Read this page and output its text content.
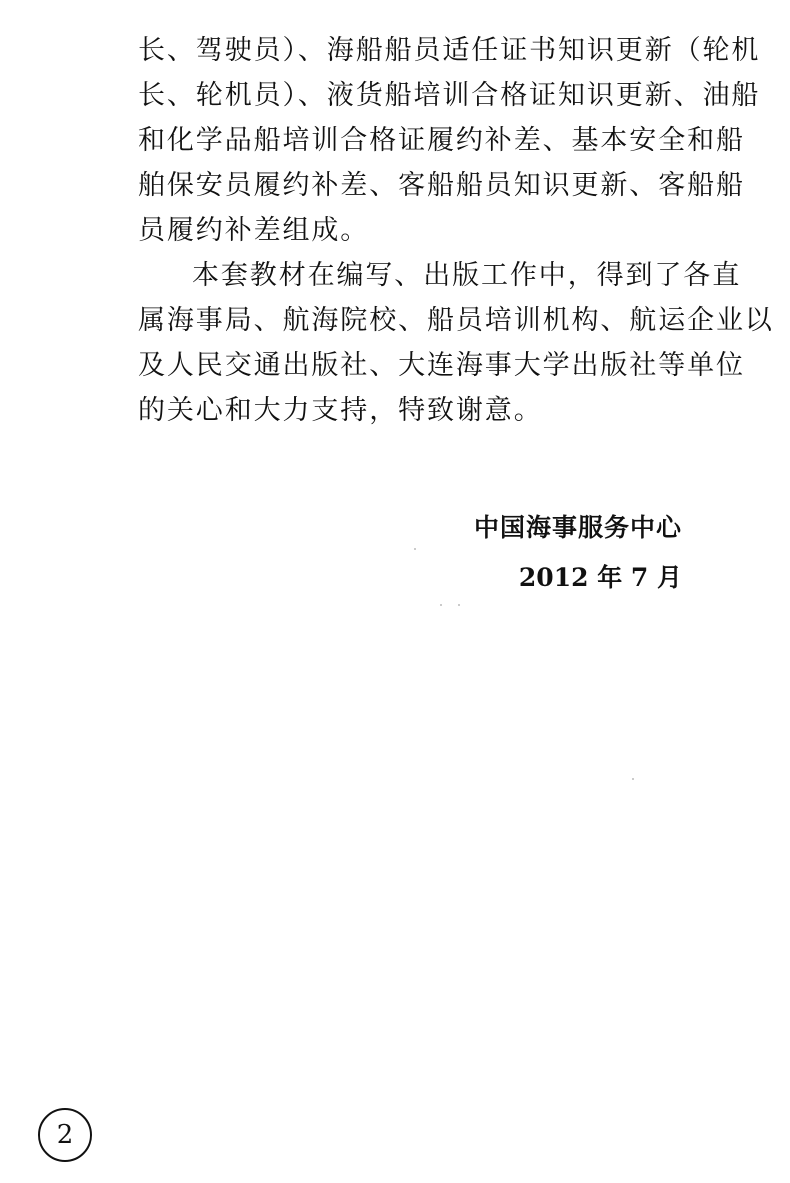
长、驾驶员）、海船船员适任证书知识更新（轮机
长、轮机员）、液货船培训合格证知识更新、油船
和化学品船培训合格证履约补差、基本安全和船
舶保安员履约补差、客船船员知识更新、客船船
员履约补差组成。
本套教材在编写、出版工作中，得到了各直
属海事局、航海院校、船员培训机构、航运企业以
及人民交通出版社、大连海事大学出版社等单位
的关心和大力支持，特致谢意。
中国海事服务中心
2012 年 7 月
2
